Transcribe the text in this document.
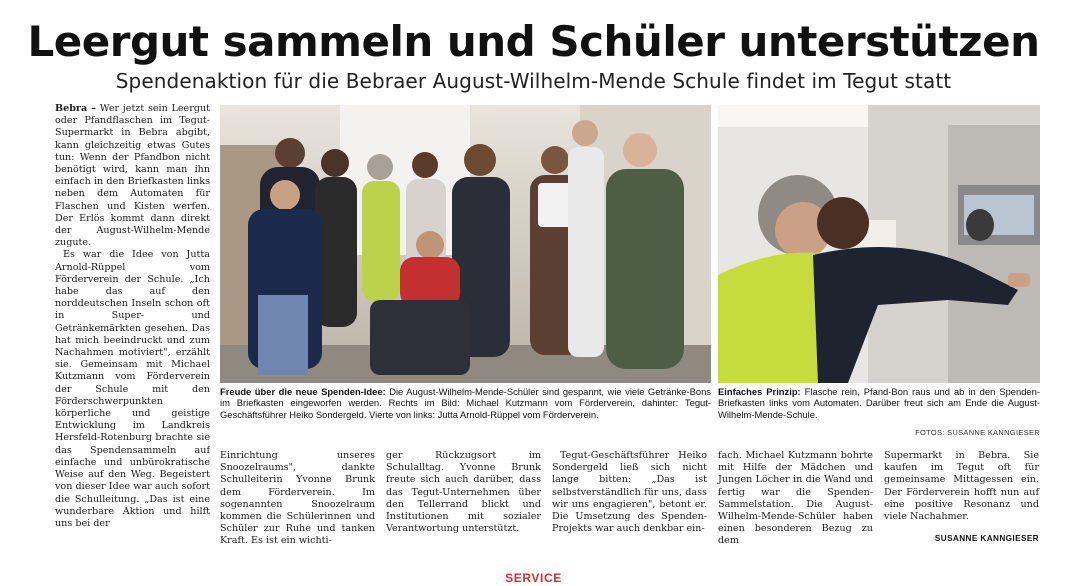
Leergut sammeln und Schüler unterstützen
Spendenaktion für die Bebraer August-Wilhelm-Mende Schule findet im Tegut statt

Bebra – Wer jetzt sein Leergut oder Pfandflaschen im Tegut-Supermarkt in Bebra abgibt, kann gleichzeitig etwas Gutes tun: Wenn der Pfandbon nicht benötigt wird, kann man ihn einfach in den Briefkasten links neben dem Automaten für Flaschen und Kisten werfen. Der Erlös kommt dann direkt der August-Wilhelm-Mende zugute.

Es war die Idee von Jutta Arnold-Rüppel vom Förderverein der Schule. „Ich habe das auf den norddeutschen Inseln schon oft in Super- und Getränkemärkten gesehen. Das hat mich beeindruckt und zum Nachahmen motiviert", erzählt sie. Gemeinsam mit Michael Kutzmann vom Förderverein der Schule mit den Förderschwerpunkten körperliche und geistige Entwicklung im Landkreis Hersfeld-Rotenburg brachte sie das Spendensammeln auf einfache und unbürokratische Weise auf den Weg. Begeistert von dieser Idee war auch sofort die Schulleitung. „Das ist eine wunderbare Aktion und hilft uns bei der

Freude über die neue Spenden-Idee: Die August-Wilhelm-Mende-Schüler sind gespannt, wie viele Getränke-Bons im Briefkasten eingeworfen werden. Rechts im Bild: Michael Kutzmann vom Förderverein, dahinter: Tegut-Geschäftsführer Heiko Sondergeld. Vierte von links: Jutta Arnold-Rüppel vom Förderverein.
Einfaches Prinzip: Flasche rein, Pfand-Bon raus und ab in den Spenden-Briefkasten links vom Automaten. Darüber freut sich am Ende die August-Wilhelm-Mende-Schule.
FOTOS: SUSANNE KANNGIESER

Einrichtung unseres Snoozelraums", dankte Schulleiterin Yvonne Brunk dem Förderverein. Im sogenannten Snoozelraum kommen die Schülerinnen und Schüler zur Ruhe und tanken Kraft. Es ist ein wichti-

ger Rückzugsort im Schulalltag. Yvonne Brunk freute sich auch darüber, dass das Tegut-Unternehmen über den Tellerrand blickt und Institutionen mit sozialer Verantwortung unterstützt.

Tegut-Geschäftsführer Heiko Sondergeld ließ sich nicht lange bitten: „Das ist selbstverständlich für uns, dass wir uns engagieren", betont er. Die Umsetzung des Spenden-Projekts war auch denkbar ein-

fach. Michael Kutzmann bohrte mit Hilfe der Mädchen und Jungen Löcher in die Wand und fertig war die Spenden-Sammelstation. Die August-Wilhelm-Mende-Schüler haben einen besonderen Bezug zu dem

Supermarkt in Bebra. Sie kaufen im Tegut oft für gemeinsame Mittagessen ein. Der Förderverein hofft nun auf eine positive Resonanz und viele Nachahmer.

SUSANNE KANNGIESER
SERVICE
